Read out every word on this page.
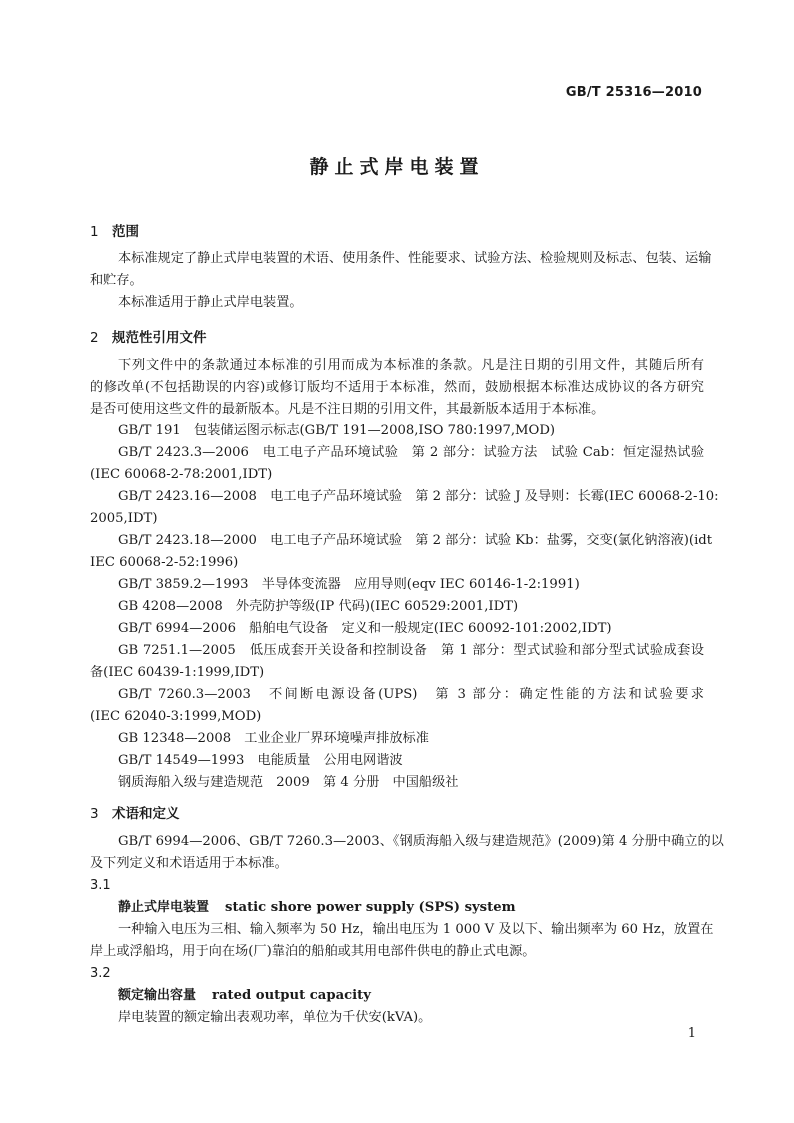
GB/T 25316—2010
静止式岸电装置
1 范围
本标准规定了静止式岸电装置的术语、使用条件、性能要求、试验方法、检验规则及标志、包装、运输
和贮存。
本标准适用于静止式岸电装置。
2 规范性引用文件
下列文件中的条款通过本标准的引用而成为本标准的条款。凡是注日期的引用文件，其随后所有
的修改单(不包括勘误的内容)或修订版均不适用于本标准，然而，鼓励根据本标准达成协议的各方研究
是否可使用这些文件的最新版本。凡是不注日期的引用文件，其最新版本适用于本标准。
GB/T 191　包装储运图示标志(GB/T 191—2008,ISO 780:1997,MOD)
GB/T 2423.3—2006　电工电子产品环境试验　第 2 部分：试验方法　试验 Cab：恒定湿热试验
(IEC 60068-2-78:2001,IDT)
GB/T 2423.16—2008　电工电子产品环境试验　第 2 部分：试验 J 及导则：长霉(IEC 60068-2-10:
2005,IDT)
GB/T 2423.18—2000　电工电子产品环境试验　第 2 部分：试验 Kb：盐雾，交变(氯化钠溶液)(idt
IEC 60068-2-52:1996)
GB/T 3859.2—1993　半导体变流器　应用导则(eqv IEC 60146-1-2:1991)
GB 4208—2008　外壳防护等级(IP 代码)(IEC 60529:2001,IDT)
GB/T 6994—2006　船舶电气设备　定义和一般规定(IEC 60092-101:2002,IDT)
GB 7251.1—2005　低压成套开关设备和控制设备　第 1 部分：型式试验和部分型式试验成套设
备(IEC 60439-1:1999,IDT)
GB/T 7260.3—2003　不间断电源设备(UPS)　第 3 部分：确定性能的方法和试验要求
(IEC 62040-3:1999,MOD)
GB 12348—2008　工业企业厂界环境噪声排放标准
GB/T 14549—1993　电能质量　公用电网谐波
钢质海船入级与建造规范　2009　第 4 分册　中国船级社
3 术语和定义
GB/T 6994—2006、GB/T 7260.3—2003、《钢质海船入级与建造规范》(2009)第 4 分册中确立的以
及下列定义和术语适用于本标准。
3.1
静止式岸电装置 static shore power supply (SPS) system
一种输入电压为三相、输入频率为 50 Hz，输出电压为 1 000 V 及以下、输出频率为 60 Hz，放置在
岸上或浮船坞，用于向在场(厂)靠泊的船舶或其用电部件供电的静止式电源。
3.2
额定输出容量 rated output capacity
岸电装置的额定输出表观功率，单位为千伏安(kVA)。
1
